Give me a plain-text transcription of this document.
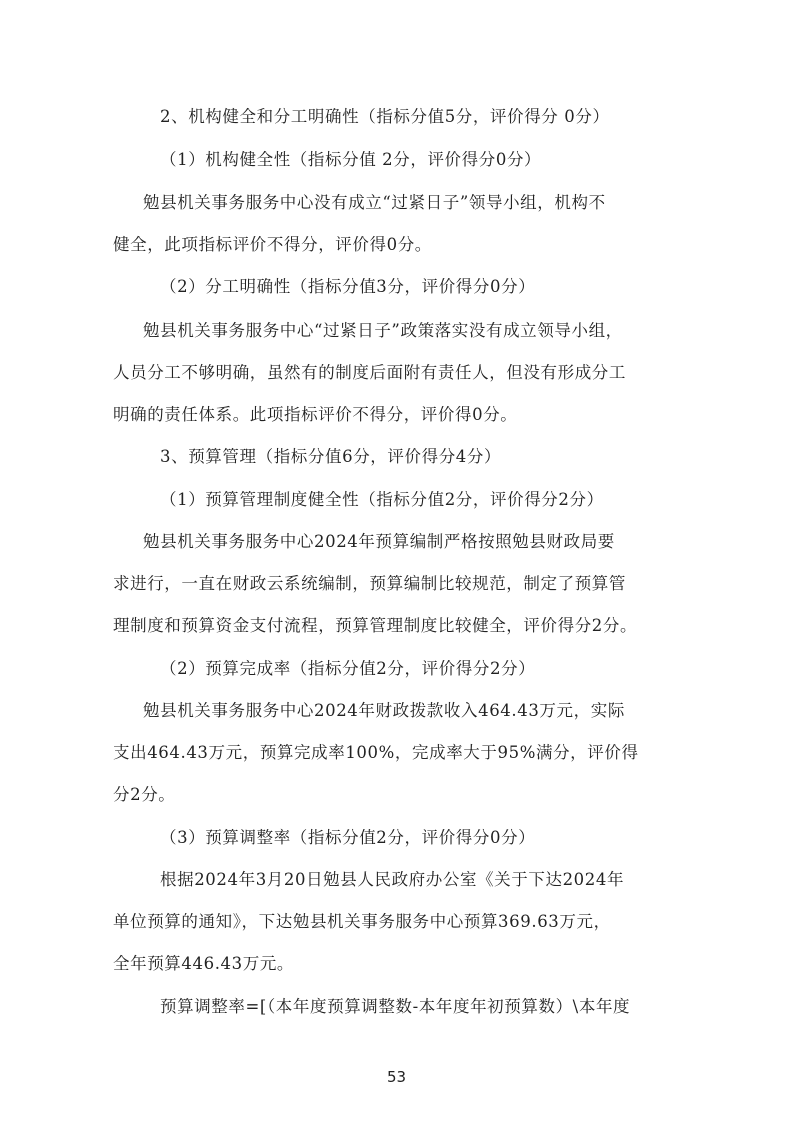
2、机构健全和分工明确性（指标分值5分，评价得分 0分）
（1）机构健全性（指标分值 2分，评价得分0分）
勉县机关事务服务中心没有成立“过紧日子”领导小组，机构不
健全，此项指标评价不得分，评价得0分。
（2）分工明确性（指标分值3分，评价得分0分）
勉县机关事务服务中心“过紧日子”政策落实没有成立领导小组，
人员分工不够明确，虽然有的制度后面附有责任人，但没有形成分工
明确的责任体系。此项指标评价不得分，评价得0分。
3、预算管理（指标分值6分，评价得分4分）
（1）预算管理制度健全性（指标分值2分，评价得分2分）
勉县机关事务服务中心2024年预算编制严格按照勉县财政局要
求进行，一直在财政云系统编制，预算编制比较规范，制定了预算管
理制度和预算资金支付流程，预算管理制度比较健全，评价得分2分。
（2）预算完成率（指标分值2分，评价得分2分）
勉县机关事务服务中心2024年财政拨款收入464.43万元，实际
支出464.43万元，预算完成率100%，完成率大于95%满分，评价得
分2分。
（3）预算调整率（指标分值2分，评价得分0分）
根据2024年3月20日勉县人民政府办公室《关于下达2024年
单位预算的通知》，下达勉县机关事务服务中心预算369.63万元，
全年预算446.43万元。
预算调整率=[（本年度预算调整数-本年度年初预算数）\本年度
53
